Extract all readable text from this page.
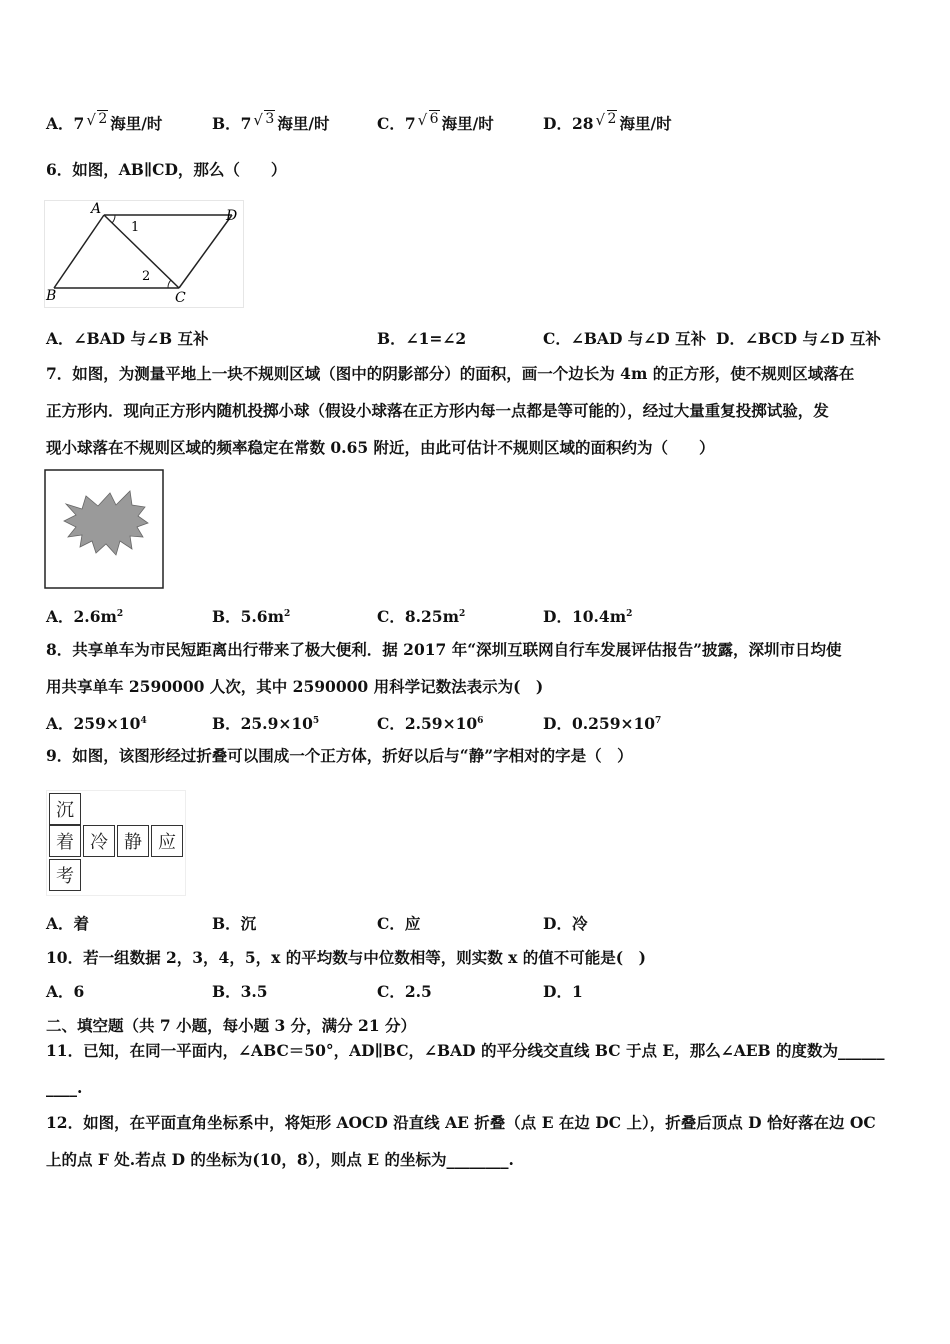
A．7 √ 2 海里/时	B．7 √ 3 海里/时	C．7 √ 6 海里/时	D．28 √ 2 海里/时
6．如图，AB∥CD，那么（　　）
A
B	C
D
1
2
A．∠BAD 与∠B 互补	B．∠1=∠2	C．∠BAD 与∠D 互补 D．∠BCD 与∠D 互补
7．如图，为测量平地上一块不规则区域（图中的阴影部分）的面积，画一个边长为 4m 的正方形，使不规则区域落在
正方形内．现向正方形内随机投掷小球（假设小球落在正方形内每一点都是等可能的），经过大量重复投掷试验，发
现小球落在不规则区域的频率稳定在常数 0.65 附近，由此可估计不规则区域的面积约为（　　）
A．$2.6m^2$	B．$5.6m^2$	C．$8.25m^2$	D．$10.4m^2$
8．共享单车为市民短距离出行带来了极大便利．据 2017 年“深圳互联网自行车发展评估报告”披露，深圳市日均使
用共享单车 2590000 人次，其中 2590000 用科学记数法表示为(　)
A．$259\times 10^4$	B．$25.9\times 10^5$	C．$2.59\times 10^6$	D．$0.259\times 10^7$
9．如图，该图形经过折叠可以围成一个正方体，折好以后与“静”字相对的字是（　）
沉
着 冷 静 应
考
A．着	B．沉	C．应	D．冷
10．若一组数据 2，3，4，5，x 的平均数与中位数相等，则实数 x 的值不可能是(　)
A．6	B．3.5	C．2.5	D．1
二、填空题（共 7 小题，每小题 3 分，满分 21 分）
11．已知，在同一平面内，∠ABC＝50°，AD∥BC，∠BAD 的平分线交直线 BC 于点 E，那么∠AEB 的度数为______
____.
12．如图，在平面直角坐标系中，将矩形 AOCD 沿直线 AE 折叠（点 E 在边 DC 上），折叠后顶点 D 恰好落在边 OC
上的点 F 处.若点 D 的坐标为(10，8），则点 E 的坐标为________.
